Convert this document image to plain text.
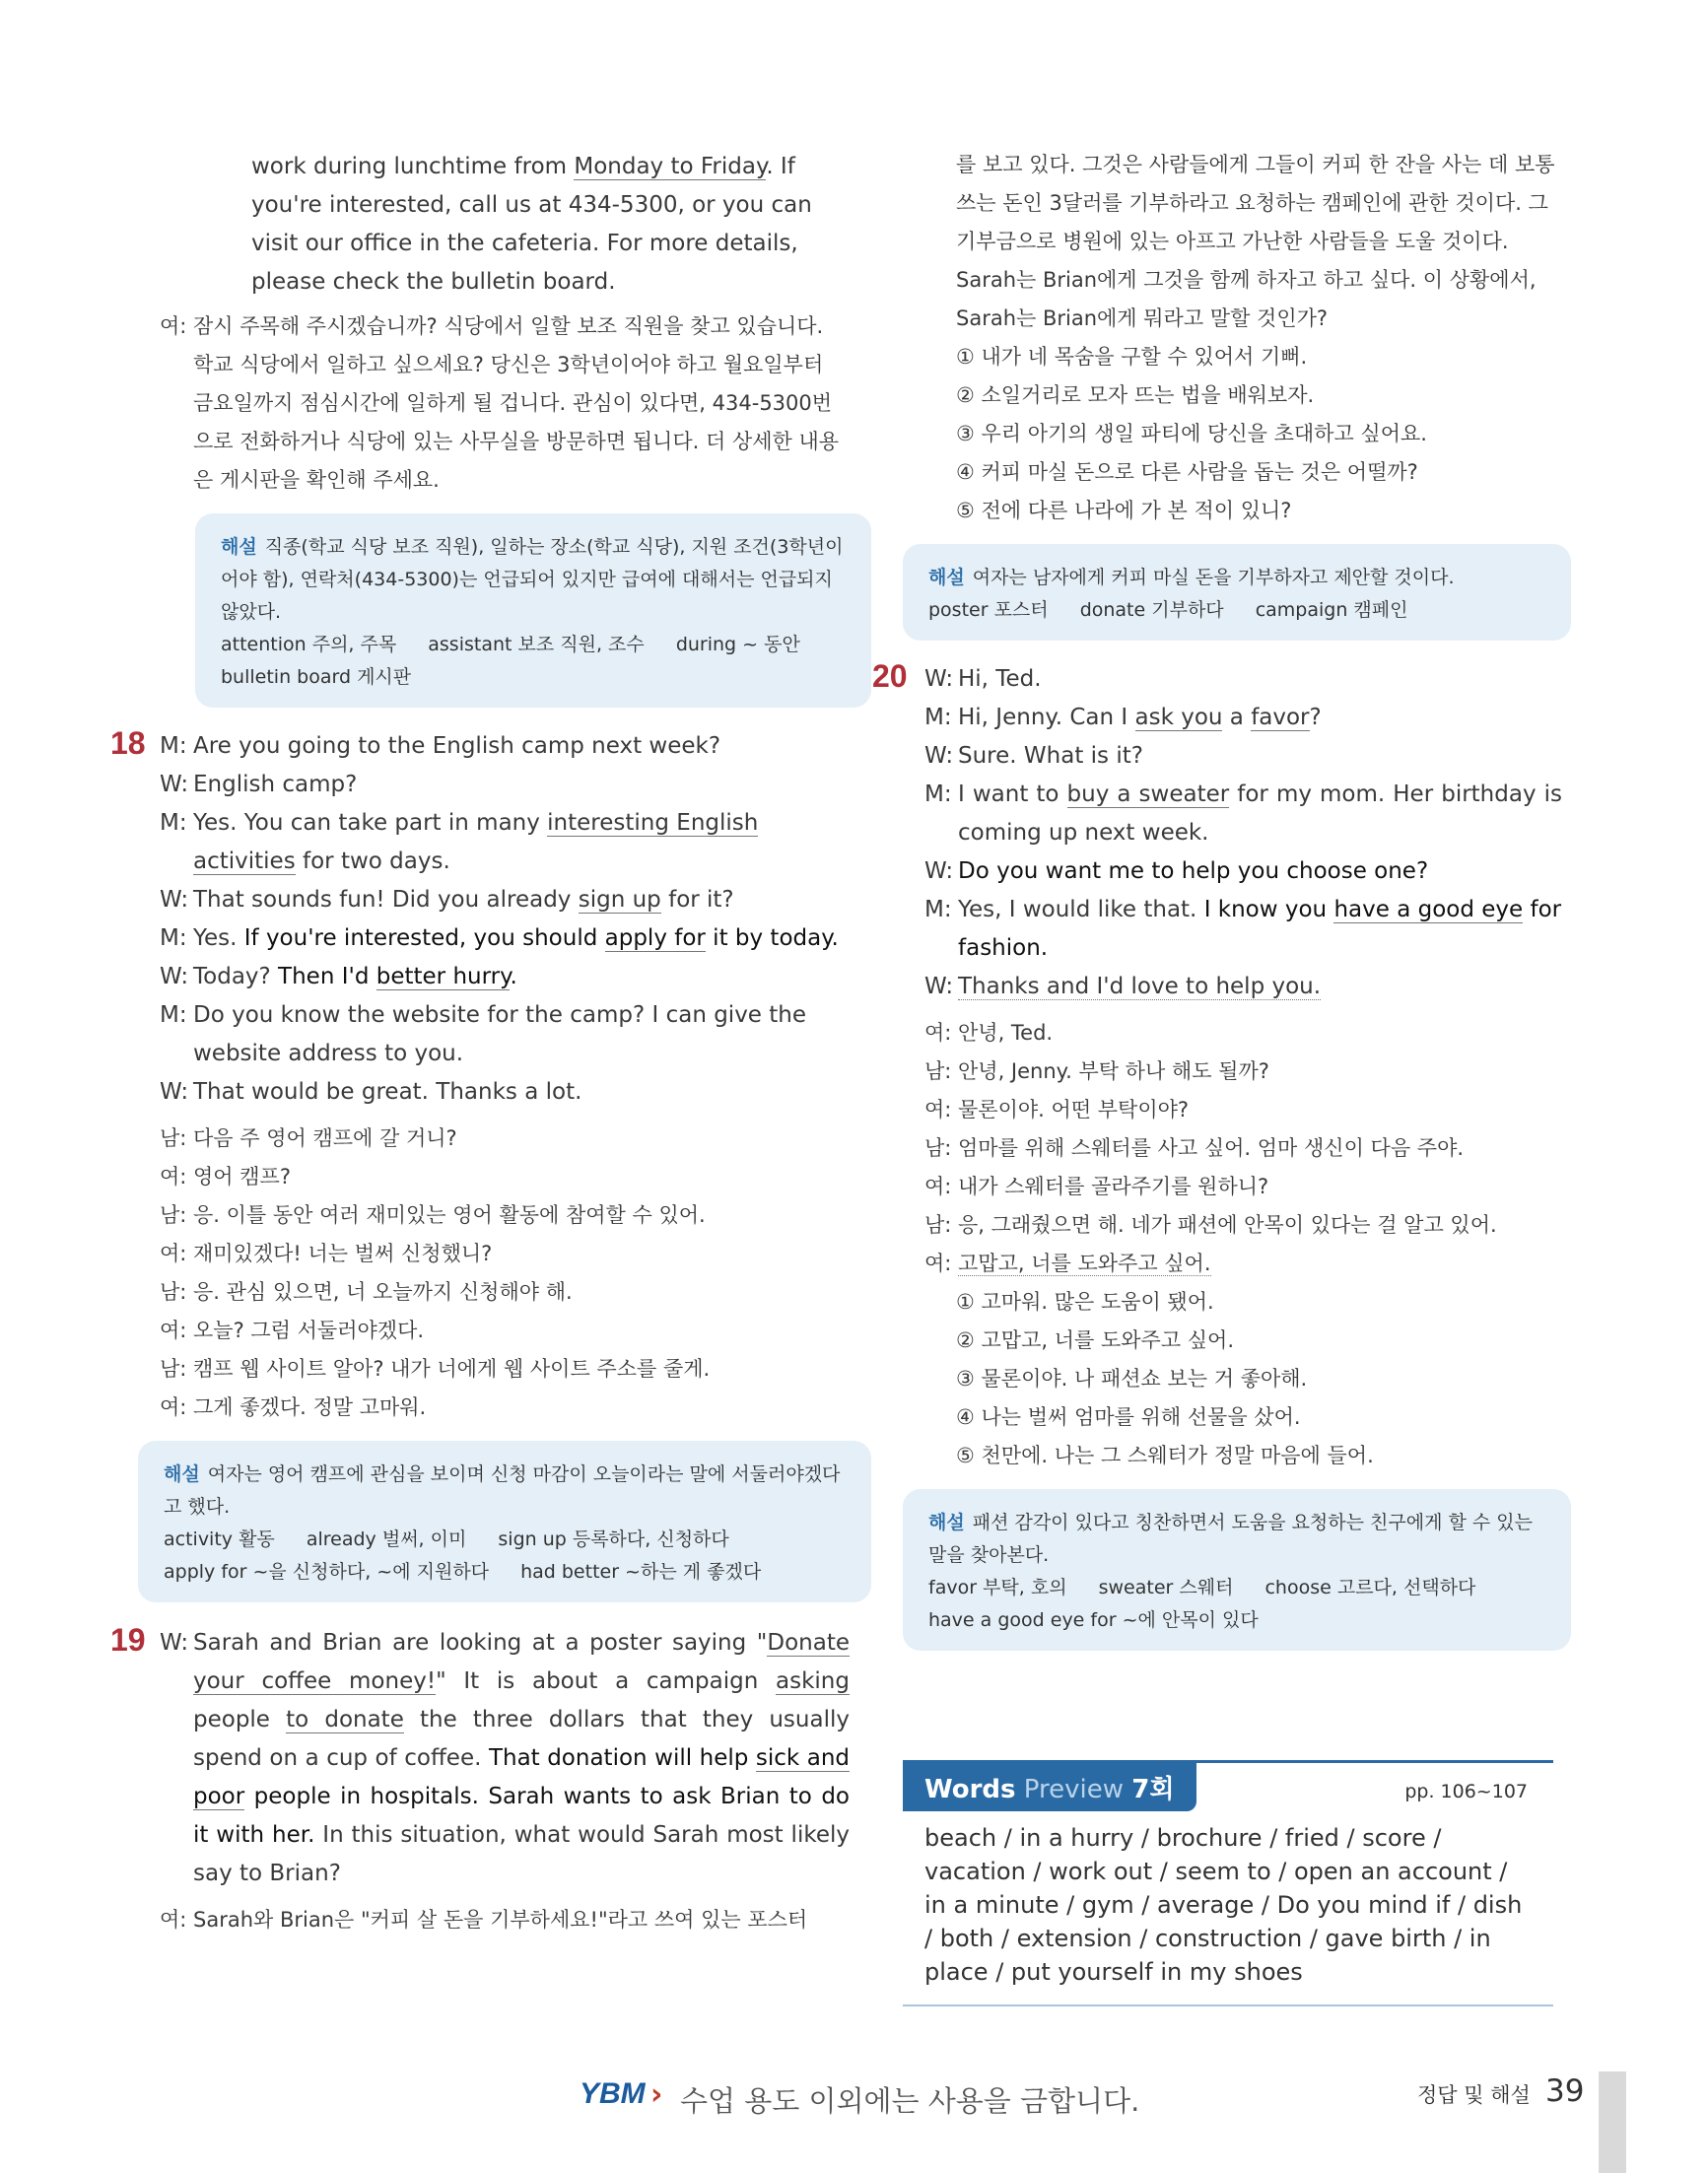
work during lunchtime from Monday to Friday. If you're interested, call us at 434-5300, or you can visit our office in the cafeteria. For more details, please check the bulletin board.

여: 잠시 주목해 주시겠습니까? 식당에서 일할 보조 직원을 찾고 있습니다. 학교 식당에서 일하고 싶으세요? 당신은 3학년이어야 하고 월요일부터 금요일까지 점심시간에 일하게 될 겁니다. 관심이 있다면, 434-5300번으로 전화하거나 식당에 있는 사무실을 방문하면 됩니다. 더 상세한 내용은 게시판을 확인해 주세요.

해설 직종(학교 식당 보조 직원), 일하는 장소(학교 식당), 지원 조건(3학년이어야 함), 연락처(434-5300)는 언급되어 있지만 급여에 대해서는 언급되지 않았다.
attention 주의, 주목 assistant 보조 직원, 조수 during ~ 동안
bulletin board 게시판
18 M: Are you going to the English camp next week?

W: English camp?

M: Yes. You can take part in many interesting English activities for two days.

W: That sounds fun! Did you already sign up for it?

M: Yes. If you're interested, you should apply for it by today.

W: Today? Then I'd better hurry.

M: Do you know the website for the camp? I can give the website address to you.

W: That would be great. Thanks a lot.

남: 다음 주 영어 캠프에 갈 거니?

여: 영어 캠프?

남: 응. 이틀 동안 여러 재미있는 영어 활동에 참여할 수 있어.

여: 재미있겠다! 너는 벌써 신청했니?

남: 응. 관심 있으면, 너 오늘까지 신청해야 해.

여: 오늘? 그럼 서둘러야겠다.

남: 캠프 웹 사이트 알아? 내가 너에게 웹 사이트 주소를 줄게.

여: 그게 좋겠다. 정말 고마워.

해설 여자는 영어 캠프에 관심을 보이며 신청 마감이 오늘이라는 말에 서둘러야겠다고 했다.
activity 활동 already 벌써, 이미 sign up 등록하다, 신청하다
apply for ~을 신청하다, ~에 지원하다 had better ~하는 게 좋겠다
19 W: Sarah and Brian are looking at a poster saying "Donate your coffee money!" It is about a campaign asking people to donate the three dollars that they usually spend on a cup of coffee. That donation will help sick and poor people in hospitals. Sarah wants to ask Brian to do it with her. In this situation, what would Sarah most likely say to Brian?

여: Sarah와 Brian은 "커피 살 돈을 기부하세요!"라고 쓰여 있는 포스터

를 보고 있다. 그것은 사람들에게 그들이 커피 한 잔을 사는 데 보통 쓰는 돈인 3달러를 기부하라고 요청하는 캠페인에 관한 것이다. 그 기부금으로 병원에 있는 아프고 가난한 사람들을 도울 것이다. Sarah는 Brian에게 그것을 함께 하자고 하고 싶다. 이 상황에서, Sarah는 Brian에게 뭐라고 말할 것인가?

① 내가 네 목숨을 구할 수 있어서 기뻐.

② 소일거리로 모자 뜨는 법을 배워보자.

③ 우리 아기의 생일 파티에 당신을 초대하고 싶어요.

④ 커피 마실 돈으로 다른 사람을 돕는 것은 어떨까?

⑤ 전에 다른 나라에 가 본 적이 있니?

해설 여자는 남자에게 커피 마실 돈을 기부하자고 제안할 것이다.
poster 포스터 donate 기부하다 campaign 캠페인
20 W: Hi, Ted.

M: Hi, Jenny. Can I ask you a favor?

W: Sure. What is it?

M: I want to buy a sweater for my mom. Her birthday is coming up next week.

W: Do you want me to help you choose one?

M: Yes, I would like that. I know you have a good eye for fashion.

W: Thanks and I'd love to help you.

여: 안녕, Ted.

남: 안녕, Jenny. 부탁 하나 해도 될까?

여: 물론이야. 어떤 부탁이야?

남: 엄마를 위해 스웨터를 사고 싶어. 엄마 생신이 다음 주야.

여: 내가 스웨터를 골라주기를 원하니?

남: 응, 그래줬으면 해. 네가 패션에 안목이 있다는 걸 알고 있어.

여: 고맙고, 너를 도와주고 싶어.

① 고마워. 많은 도움이 됐어.

② 고맙고, 너를 도와주고 싶어.

③ 물론이야. 나 패션쇼 보는 거 좋아해.

④ 나는 벌써 엄마를 위해 선물을 샀어.

⑤ 천만에. 나는 그 스웨터가 정말 마음에 들어.

해설 패션 감각이 있다고 칭찬하면서 도움을 요청하는 친구에게 할 수 있는 말을 찾아본다.
favor 부탁, 호의 sweater 스웨터 choose 고르다, 선택하다
have a good eye for ~에 안목이 있다
Words Preview 7회	pp. 106~107
beach / in a hurry / brochure / fried / score / vacation / work out / seem to / open an account / in a minute / gym / average / Do you mind if / dish / both / extension / construction / gave birth / in place / put yourself in my shoes
YBM › 수업 용도 이외에는 사용을 금합니다.	정답 및 해설 39
